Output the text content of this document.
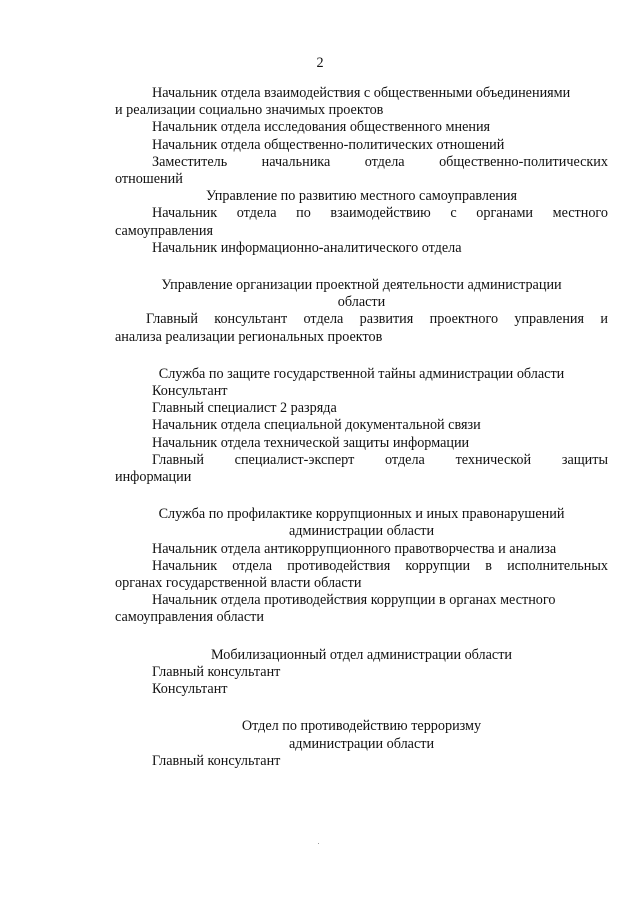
2

Начальник отдела взаимодействия с общественными объединениями

и реализации социально значимых проектов

Начальник отдела исследования общественного мнения

Начальник отдела общественно-политических отношений

Заместитель начальника отдела общественно-политических

отношений

Управление по развитию местного самоуправления

Начальник отдела по взаимодействию с органами местного

самоуправления

Начальник информационно-аналитического отдела

Управление организации проектной деятельности администрации

области

Главный консультант отдела развития проектного управления и

анализа реализации региональных проектов

Служба по защите государственной тайны администрации области

Консультант

Главный специалист 2 разряда

Начальник отдела специальной документальной связи

Начальник отдела технической защиты информации

Главный специалист-эксперт отдела технической защиты

информации

Служба по профилактике коррупционных и иных правонарушений

администрации области

Начальник отдела антикоррупционного правотворчества и анализа

Начальник отдела противодействия коррупции в исполнительных

органах государственной власти области

Начальник отдела противодействия коррупции в органах местного

самоуправления области

Мобилизационный отдел администрации области

Главный консультант

Консультант

Отдел по противодействию терроризму

администрации области

Главный консультант
